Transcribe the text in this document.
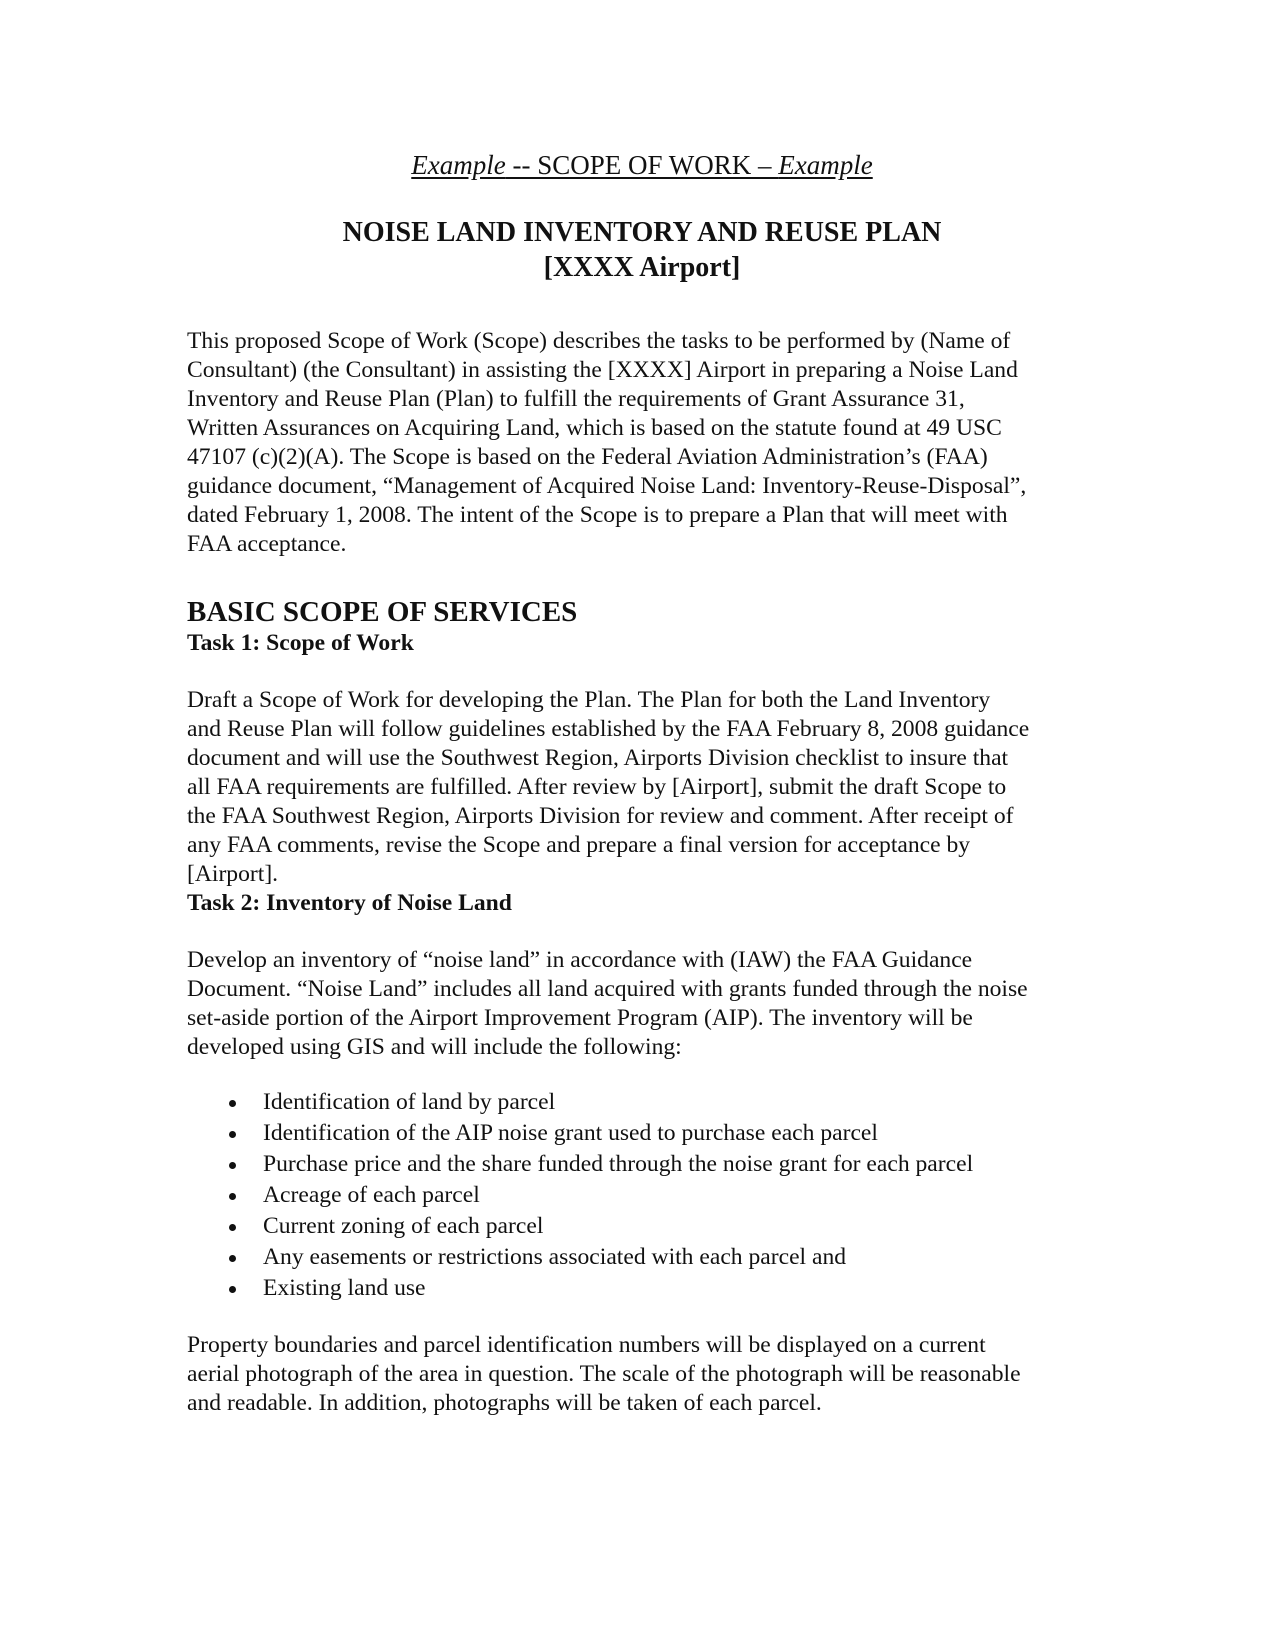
Example -- SCOPE OF WORK – Example

NOISE LAND INVENTORY AND REUSE PLAN
[XXXX Airport]

This proposed Scope of Work (Scope) describes the tasks to be performed by (Name of
Consultant) (the Consultant) in assisting the [XXXX] Airport in preparing a Noise Land
Inventory and Reuse Plan (Plan) to fulfill the requirements of Grant Assurance 31,
Written Assurances on Acquiring Land, which is based on the statute found at 49 USC
47107 (c)(2)(A). The Scope is based on the Federal Aviation Administration’s (FAA)
guidance document, “Management of Acquired Noise Land: Inventory-Reuse-Disposal”,
dated February 1, 2008. The intent of the Scope is to prepare a Plan that will meet with
FAA acceptance.

BASIC SCOPE OF SERVICES
Task 1: Scope of Work

Draft a Scope of Work for developing the Plan. The Plan for both the Land Inventory
and Reuse Plan will follow guidelines established by the FAA February 8, 2008 guidance
document and will use the Southwest Region, Airports Division checklist to insure that
all FAA requirements are fulfilled. After review by [Airport], submit the draft Scope to
the FAA Southwest Region, Airports Division for review and comment. After receipt of
any FAA comments, revise the Scope and prepare a final version for acceptance by
[Airport].

Task 2: Inventory of Noise Land

Develop an inventory of “noise land” in accordance with (IAW) the FAA Guidance
Document. “Noise Land” includes all land acquired with grants funded through the noise
set-aside portion of the Airport Improvement Program (AIP). The inventory will be
developed using GIS and will include the following:

Identification of land by parcel
Identification of the AIP noise grant used to purchase each parcel
Purchase price and the share funded through the noise grant for each parcel
Acreage of each parcel
Current zoning of each parcel
Any easements or restrictions associated with each parcel and
Existing land use

Property boundaries and parcel identification numbers will be displayed on a current
aerial photograph of the area in question. The scale of the photograph will be reasonable
and readable. In addition, photographs will be taken of each parcel.
